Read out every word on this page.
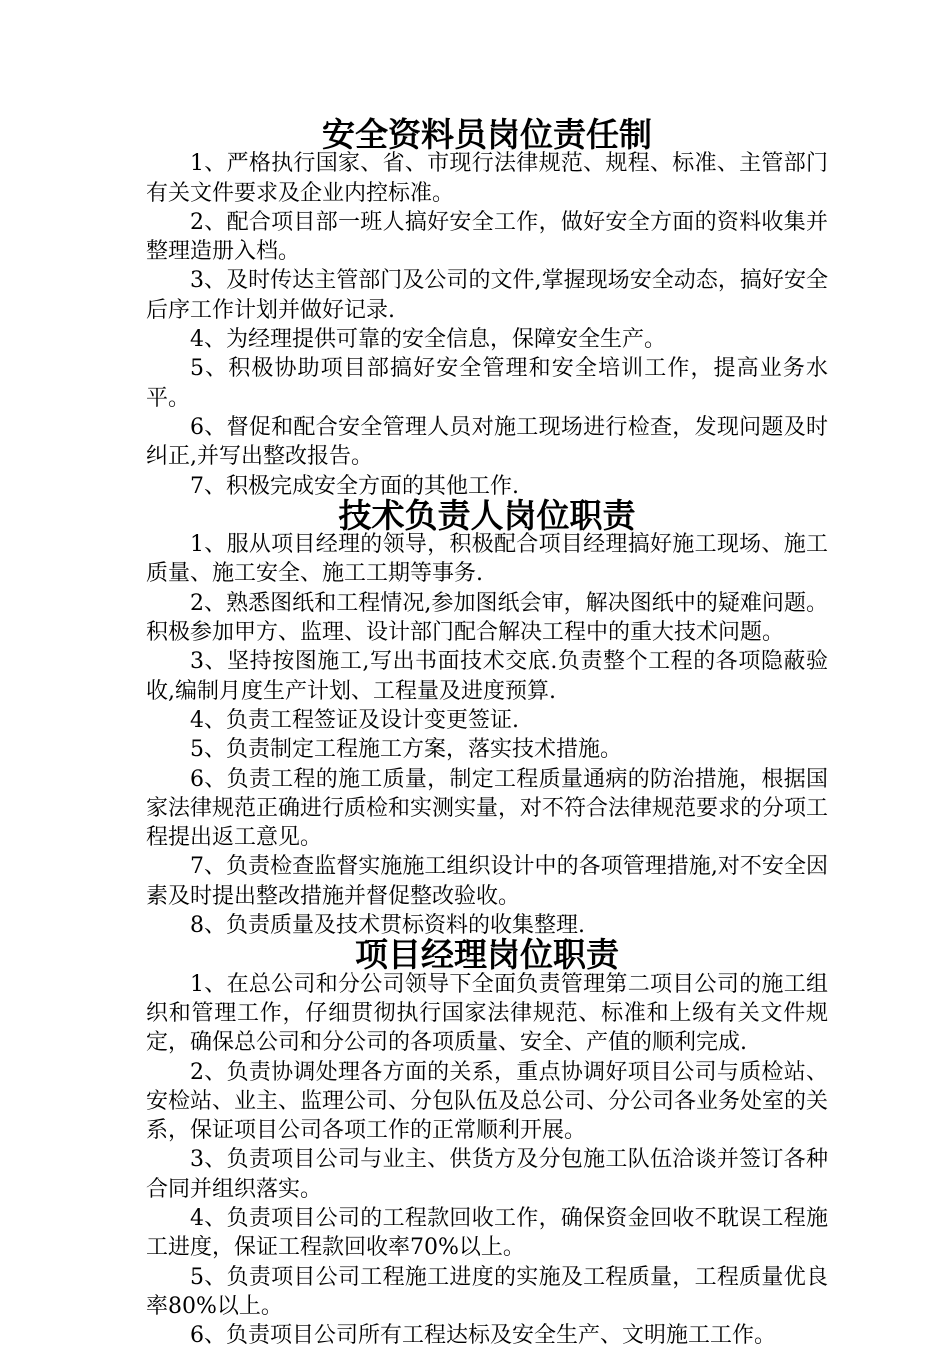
安全资料员岗位责任制

1、严格执行国家、省、市现行法律规范、规程、标准、主管部门有关文件要求及企业内控标准。

2、配合项目部一班人搞好安全工作，做好安全方面的资料收集并整理造册入档。

3、及时传达主管部门及公司的文件,掌握现场安全动态，搞好安全后序工作计划并做好记录.

4、为经理提供可靠的安全信息，保障安全生产。

5、积极协助项目部搞好安全管理和安全培训工作，提高业务水平。

6、督促和配合安全管理人员对施工现场进行检查，发现问题及时纠正,并写出整改报告。

7、积极完成安全方面的其他工作.

技术负责人岗位职责

1、服从项目经理的领导，积极配合项目经理搞好施工现场、施工质量、施工安全、施工工期等事务.

2、熟悉图纸和工程情况,参加图纸会审，解决图纸中的疑难问题。积极参加甲方、监理、设计部门配合解决工程中的重大技术问题。

3、坚持按图施工,写出书面技术交底.负责整个工程的各项隐蔽验收,编制月度生产计划、工程量及进度预算.

4、负责工程签证及设计变更签证.

5、负责制定工程施工方案，落实技术措施。

6、负责工程的施工质量，制定工程质量通病的防治措施，根据国家法律规范正确进行质检和实测实量，对不符合法律规范要求的分项工程提出返工意见。

7、负责检查监督实施施工组织设计中的各项管理措施,对不安全因素及时提出整改措施并督促整改验收。

8、负责质量及技术贯标资料的收集整理.

项目经理岗位职责

1、在总公司和分公司领导下全面负责管理第二项目公司的施工组织和管理工作，仔细贯彻执行国家法律规范、标准和上级有关文件规定，确保总公司和分公司的各项质量、安全、产值的顺利完成.

2、负责协调处理各方面的关系，重点协调好项目公司与质检站、安检站、业主、监理公司、分包队伍及总公司、分公司各业务处室的关系，保证项目公司各项工作的正常顺利开展。

3、负责项目公司与业主、供货方及分包施工队伍洽谈并签订各种合同并组织落实。

4、负责项目公司的工程款回收工作，确保资金回收不耽误工程施工进度，保证工程款回收率70%以上。

5、负责项目公司工程施工进度的实施及工程质量，工程质量优良率80%以上。

6、负责项目公司所有工程达标及安全生产、文明施工工作。
